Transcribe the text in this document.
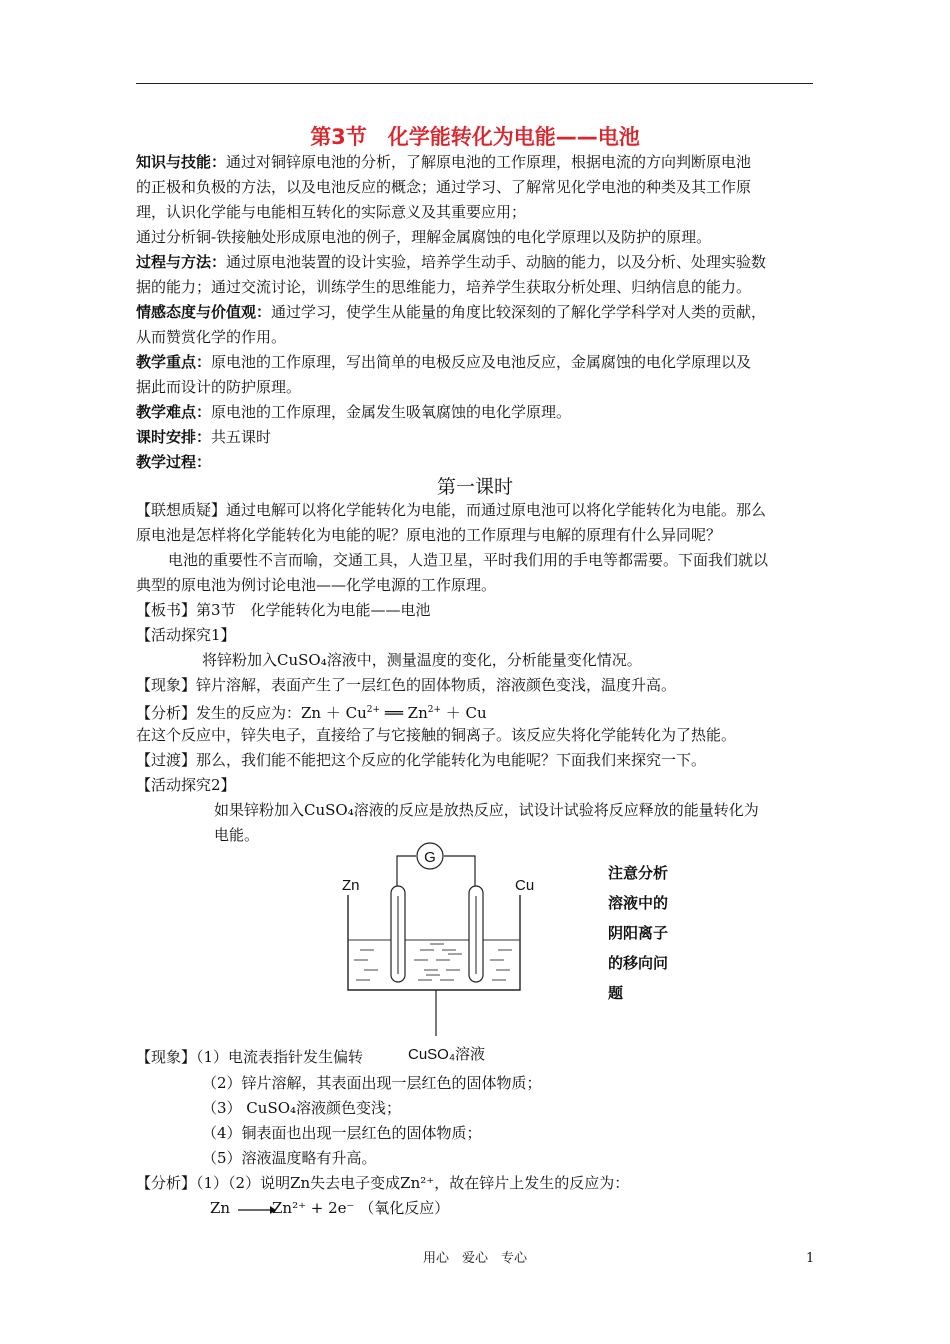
第3节　化学能转化为电能——电池
知识与技能：通过对铜锌原电池的分析，了解原电池的工作原理，根据电流的方向判断原电池
的正极和负极的方法，以及电池反应的概念；通过学习、了解常见化学电池的种类及其工作原
理，认识化学能与电能相互转化的实际意义及其重要应用；
通过分析铜-铁接触处形成原电池的例子，理解金属腐蚀的电化学原理以及防护的原理。
过程与方法：通过原电池装置的设计实验，培养学生动手、动脑的能力，以及分析、处理实验数
据的能力；通过交流讨论，训练学生的思维能力，培养学生获取分析处理、归纳信息的能力。
情感态度与价值观：通过学习，使学生从能量的角度比较深刻的了解化学学科学对人类的贡献，
从而赞赏化学的作用。
教学重点：原电池的工作原理，写出简单的电极反应及电池反应，金属腐蚀的电化学原理以及
据此而设计的防护原理。
教学难点：原电池的工作原理，金属发生吸氧腐蚀的电化学原理。
课时安排：共五课时
教学过程：
第一课时
【联想质疑】通过电解可以将化学能转化为电能，而通过原电池可以将化学能转化为电能。那么
原电池是怎样将化学能转化为电能的呢？原电池的工作原理与电解的原理有什么异同呢？
电池的重要性不言而喻，交通工具，人造卫星，平时我们用的手电等都需要。下面我们就以
典型的原电池为例讨论电池——化学电源的工作原理。
【板书】第3节　化学能转化为电能——电池
【活动探究1】
将锌粉加入CuSO₄溶液中，测量温度的变化，分析能量变化情况。
【现象】锌片溶解，表面产生了一层红色的固体物质，溶液颜色变浅，温度升高。
【分析】发生的反应为：$Zn + Cu^{2+}$ ══ $Zn^{2+} + Cu$
在这个反应中，锌失电子，直接给了与它接触的铜离子。该反应失将化学能转化为了热能。
【过渡】那么，我们能不能把这个反应的化学能转化为电能呢？下面我们来探究一下。
【活动探究2】
如果锌粉加入CuSO₄溶液的反应是放热反应，试设计试验将反应释放的能量转化为
电能。
G
Zn	Cu
CuSO₄溶液
注意分析
溶液中的
阴阳离子
的移向问
题
【现象】（1）电流表指针发生偏转
（2）锌片溶解，其表面出现一层红色的固体物质；
（3） CuSO₄溶液颜色变浅；
（4）铜表面也出现一层红色的固体物质；
（5）溶液温度略有升高。
【分析】（1）（2）说明Zn失去电子变成Zn²⁺，故在锌片上发生的反应为：
Zn →
Zn²⁺ + 2e⁻ （氧化反应）
用心　爱心　专心	1
